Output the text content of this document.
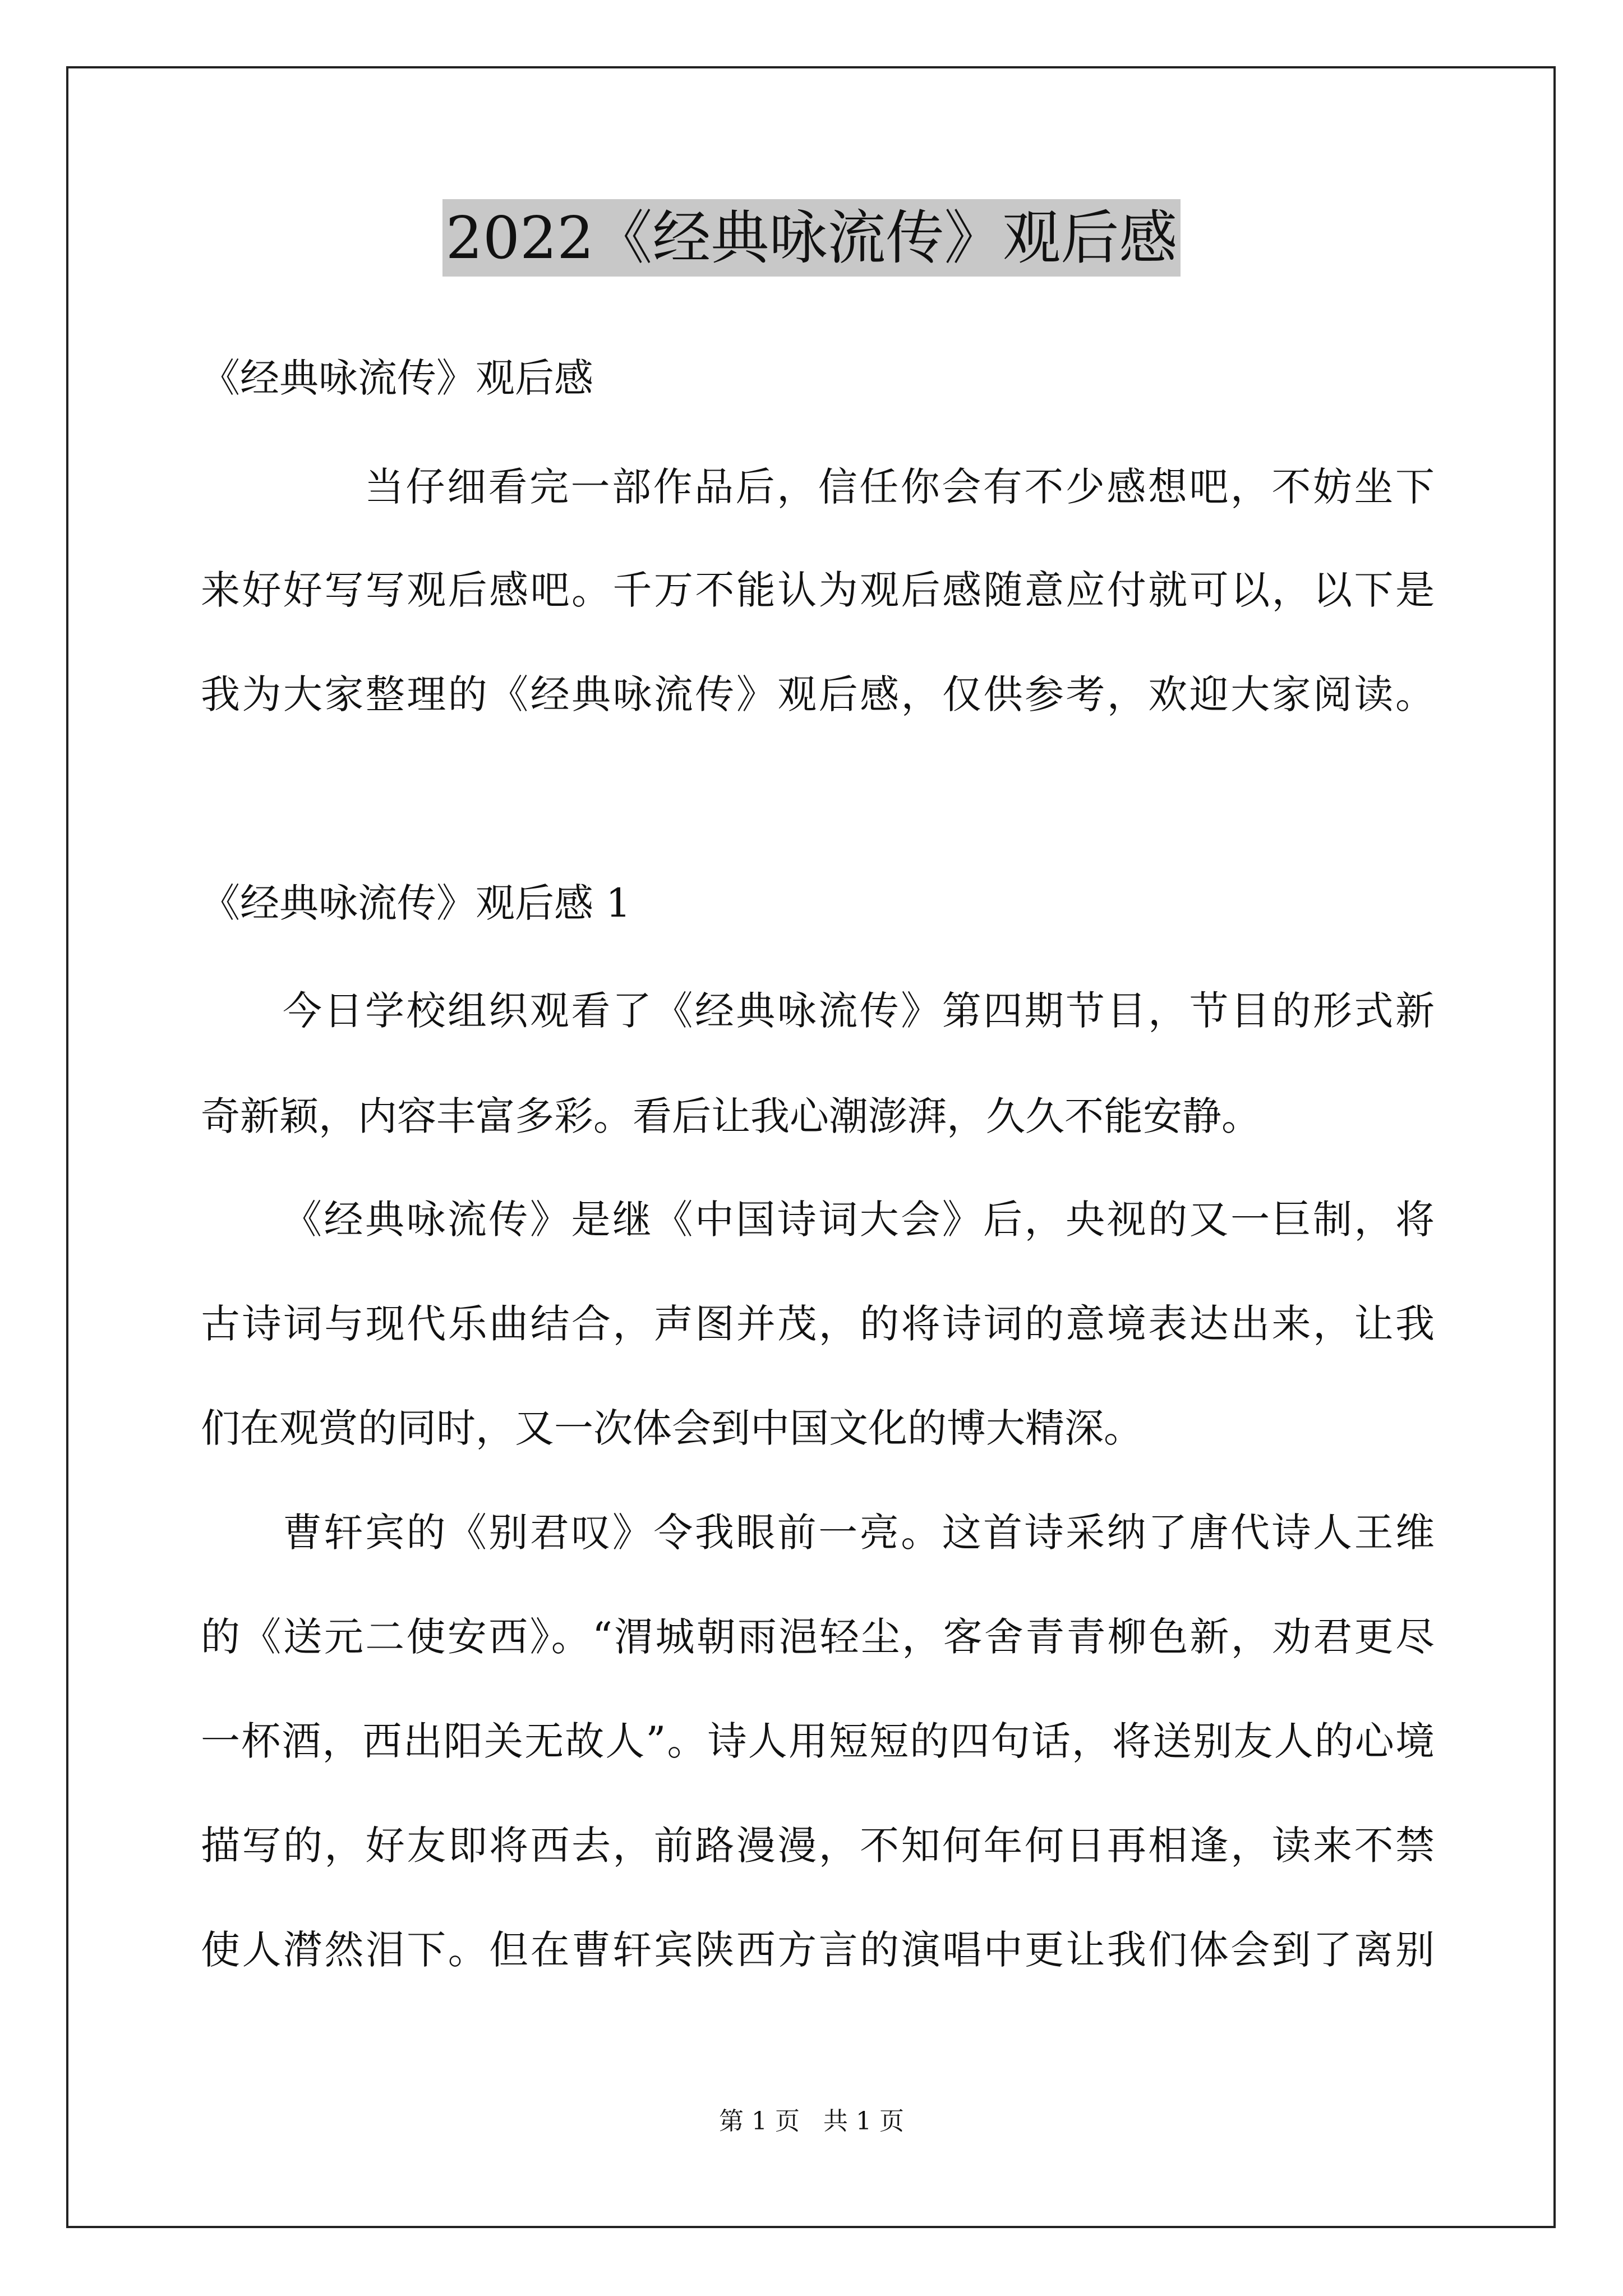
2022《经典咏流传》观后感
《经典咏流传》观后感
当仔细看完一部作品后，信任你会有不少感想吧，不妨坐下
来好好写写观后感吧。千万不能认为观后感随意应付就可以，以下是
我为大家整理的《经典咏流传》观后感，仅供参考，欢迎大家阅读。
《经典咏流传》观后感 1
今日学校组织观看了《经典咏流传》第四期节目，节目的形式新
奇新颖，内容丰富多彩。看后让我心潮澎湃，久久不能安静。
《经典咏流传》是继《中国诗词大会》后，央视的又一巨制，将
古诗词与现代乐曲结合，声图并茂，的将诗词的意境表达出来，让我
们在观赏的同时，又一次体会到中国文化的博大精深。
曹轩宾的《别君叹》令我眼前一亮。这首诗采纳了唐代诗人王维
的《送元二使安西》。“渭城朝雨浥轻尘，客舍青青柳色新，劝君更尽
一杯酒，西出阳关无故人”。诗人用短短的四句话，将送别友人的心境
描写的，好友即将西去，前路漫漫，不知何年何日再相逢，读来不禁
使人潸然泪下。但在曹轩宾陕西方言的演唱中更让我们体会到了离别
第 1 页 共 1 页
